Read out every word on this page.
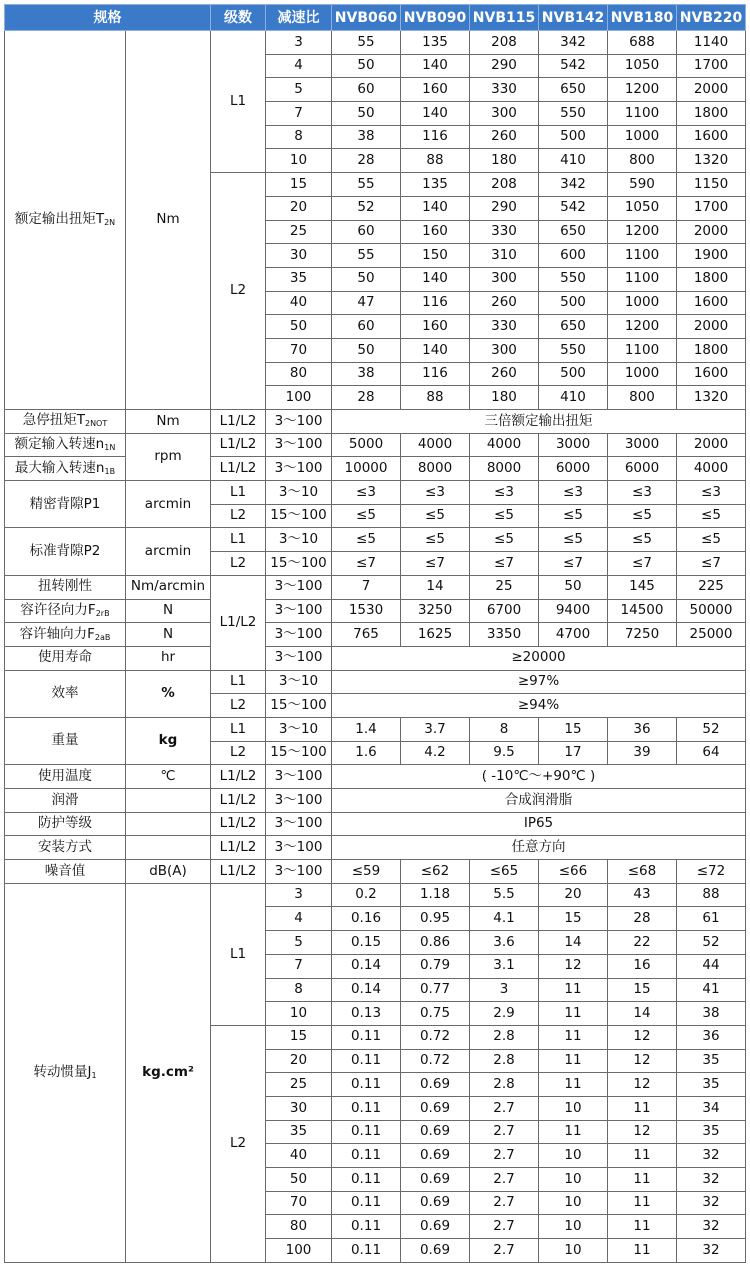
规格		级数	减速比	NVB060	NVB090	NVB115	NVB142	NVB180	NVB220
额定输出扭矩$T_{2N}$	Nm	L1	3	55	135	208	342	688	1140
			4	50	140	290	542	1050	1700
			5	60	160	330	650	1200	2000
			7	50	140	300	550	1100	1800
			8	38	116	260	500	1000	1600
			10	28	88	180	410	800	1320
		L2	15	55	135	208	342	590	1150
			20	52	140	290	542	1050	1700
			25	60	160	330	650	1200	2000
			30	55	150	310	600	1100	1900
			35	50	140	300	550	1100	1800
			40	47	116	260	500	1000	1600
			50	60	160	330	650	1200	2000
			70	50	140	300	550	1100	1800
			80	38	116	260	500	1000	1600
			100	28	88	180	410	800	1320
急停扭矩$T_{2NOT}$	Nm	L1/L2	3～100	三倍额定输出扭矩					
额定输入转速$n_{1N}$	rpm	L1/L2	3～100	5000	4000	4000	3000	3000	2000
最大输入转速$n_{1B}$		L1/L2	3～100	10000	8000	8000	6000	6000	4000
精密背隙P1	arcmin	L1	3～10	≤3	≤3	≤3	≤3	≤3	≤3
		L2	15～100	≤5	≤5	≤5	≤5	≤5	≤5
标准背隙P2	arcmin	L1	3～10	≤5	≤5	≤5	≤5	≤5	≤5
		L2	15～100	≤7	≤7	≤7	≤7	≤7	≤7
扭转刚性	Nm/arcmin	L1/L2	3～100	7	14	25	50	145	225
容许径向力$F_{2rB}$	N		3～100	1530	3250	6700	9400	14500	50000
容许轴向力$F_{2aB}$	N		3～100	765	1625	3350	4700	7250	25000
使用寿命	hr		3～100	≥20000					
效率	%	L1	3～10	≥97%					
		L2	15～100	≥94%					
重量	kg	L1	3～10	1.4	3.7	8	15	36	52
		L2	15～100	1.6	4.2	9.5	17	39	64
使用温度	℃	L1/L2	3～100	( -10℃～+90℃ )					
润滑		L1/L2	3～100	合成润滑脂					
防护等级		L1/L2	3～100	IP65					
安装方式		L1/L2	3～100	任意方向					
噪音值	dB(A)	L1/L2	3～100	≤59	≤62	≤65	≤66	≤68	≤72
转动惯量$J_1$	kg.cm²	L1	3	0.2	1.18	5.5	20	43	88
			4	0.16	0.95	4.1	15	28	61
			5	0.15	0.86	3.6	14	22	52
			7	0.14	0.79	3.1	12	16	44
			8	0.14	0.77	3	11	15	41
			10	0.13	0.75	2.9	11	14	38
		L2	15	0.11	0.72	2.8	11	12	36
			20	0.11	0.72	2.8	11	12	35
			25	0.11	0.69	2.8	11	12	35
			30	0.11	0.69	2.7	10	11	34
			35	0.11	0.69	2.7	11	12	35
			40	0.11	0.69	2.7	10	11	32
			50	0.11	0.69	2.7	10	11	32
			70	0.11	0.69	2.7	10	11	32
			80	0.11	0.69	2.7	10	11	32
			100	0.11	0.69	2.7	10	11	32
